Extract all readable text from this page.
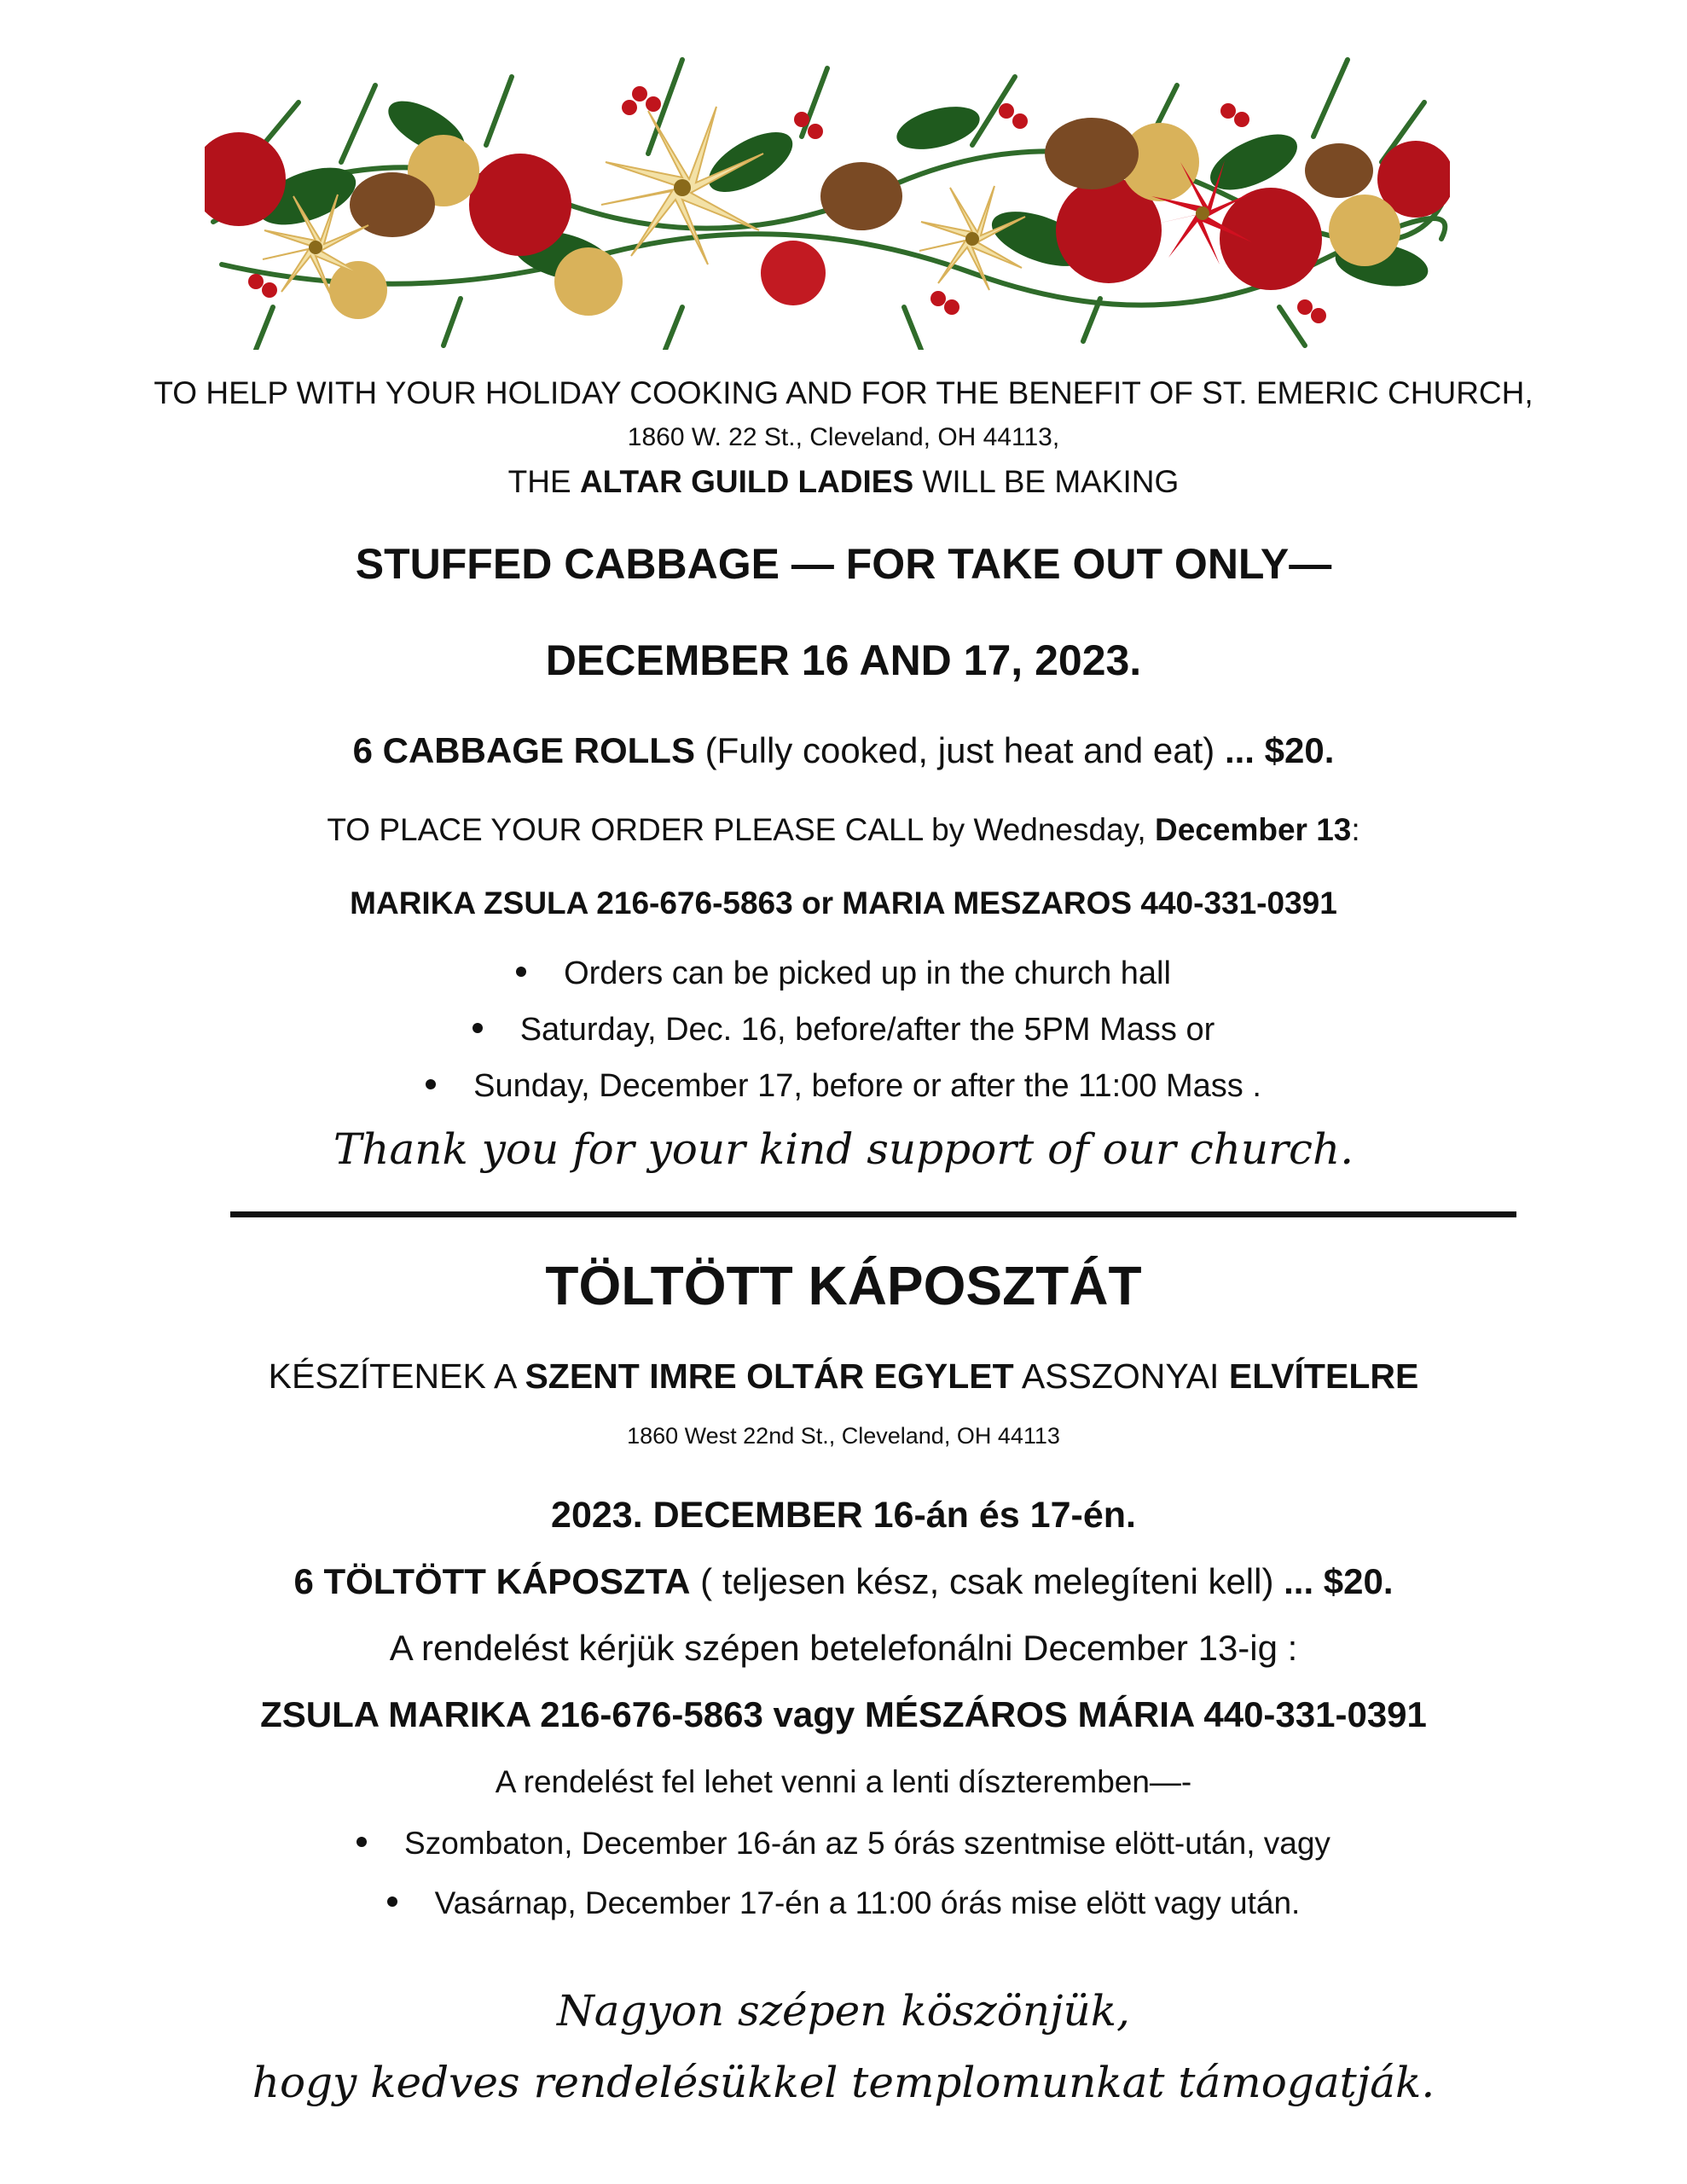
TO HELP WITH YOUR HOLIDAY COOKING AND FOR THE BENEFIT OF ST. EMERIC CHURCH,
1860 W. 22 St., Cleveland, OH 44113,
THE ALTAR GUILD LADIES WILL BE MAKING
STUFFED CABBAGE — FOR TAKE OUT ONLY—
DECEMBER 16 AND 17, 2023.
6 CABBAGE ROLLS (Fully cooked, just heat and eat) ... $20.
TO PLACE YOUR ORDER PLEASE CALL by Wednesday, December 13:
MARIKA ZSULA 216-676-5863 or MARIA MESZAROS 440-331-0391
Orders can be picked up in the church hall
Saturday, Dec. 16, before/after the 5PM Mass or
Sunday, December 17, before or after the 11:00 Mass .
Thank you for your kind support of our church.
TÖLTÖTT KÁPOSZTÁT
KÉSZÍTENEK A SZENT IMRE OLTÁR EGYLET ASSZONYAI ELVÍTELRE
1860 West 22nd St., Cleveland, OH 44113
2023. DECEMBER 16-án és 17-én.
6 TÖLTÖTT KÁPOSZTA ( teljesen kész, csak melegíteni kell) ... $20.
A rendelést kérjük szépen betelefonálni December 13-ig :
ZSULA MARIKA 216-676-5863 vagy MÉSZÁROS MÁRIA 440-331-0391
A rendelést fel lehet venni a lenti díszteremben—-
Szombaton, December 16-án az 5 órás szentmise elött-után, vagy
Vasárnap, December 17-én a 11:00 órás mise elött vagy után.
Nagyon szépen köszönjük,
hogy kedves rendelésükkel templomunkat támogatják.
